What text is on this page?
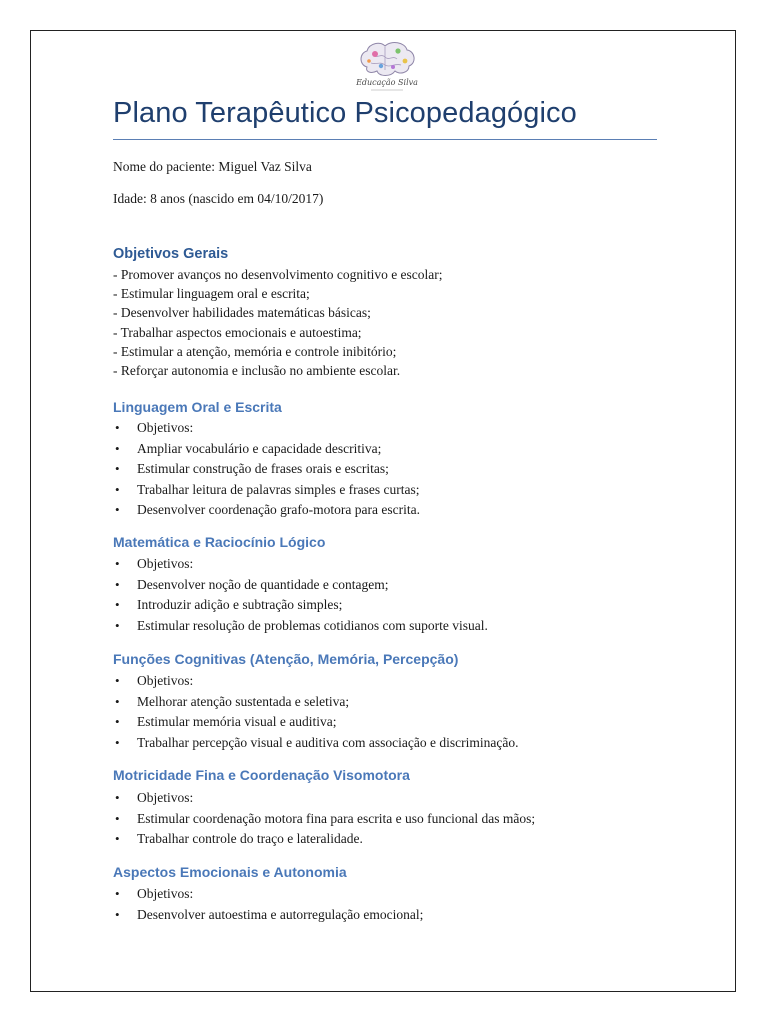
Educação Silva
Plano Terapêutico Psicopedagógico

Nome do paciente: Miguel Vaz Silva

Idade: 8 anos (nascido em 04/10/2017)

Objetivos Gerais
- Promover avanços no desenvolvimento cognitivo e escolar;
- Estimular linguagem oral e escrita;
- Desenvolver habilidades matemáticas básicas;
- Trabalhar aspectos emocionais e autoestima;
- Estimular a atenção, memória e controle inibitório;
- Reforçar autonomia e inclusão no ambiente escolar.
Linguagem Oral e Escrita
• Objetivos:
• Ampliar vocabulário e capacidade descritiva;
• Estimular construção de frases orais e escritas;
• Trabalhar leitura de palavras simples e frases curtas;
• Desenvolver coordenação grafo-motora para escrita.
Matemática e Raciocínio Lógico
• Objetivos:
• Desenvolver noção de quantidade e contagem;
• Introduzir adição e subtração simples;
• Estimular resolução de problemas cotidianos com suporte visual.
Funções Cognitivas (Atenção, Memória, Percepção)
• Objetivos:
• Melhorar atenção sustentada e seletiva;
• Estimular memória visual e auditiva;
• Trabalhar percepção visual e auditiva com associação e discriminação.
Motricidade Fina e Coordenação Visomotora
• Objetivos:
• Estimular coordenação motora fina para escrita e uso funcional das mãos;
• Trabalhar controle do traço e lateralidade.
Aspectos Emocionais e Autonomia
• Objetivos:
• Desenvolver autoestima e autorregulação emocional;
